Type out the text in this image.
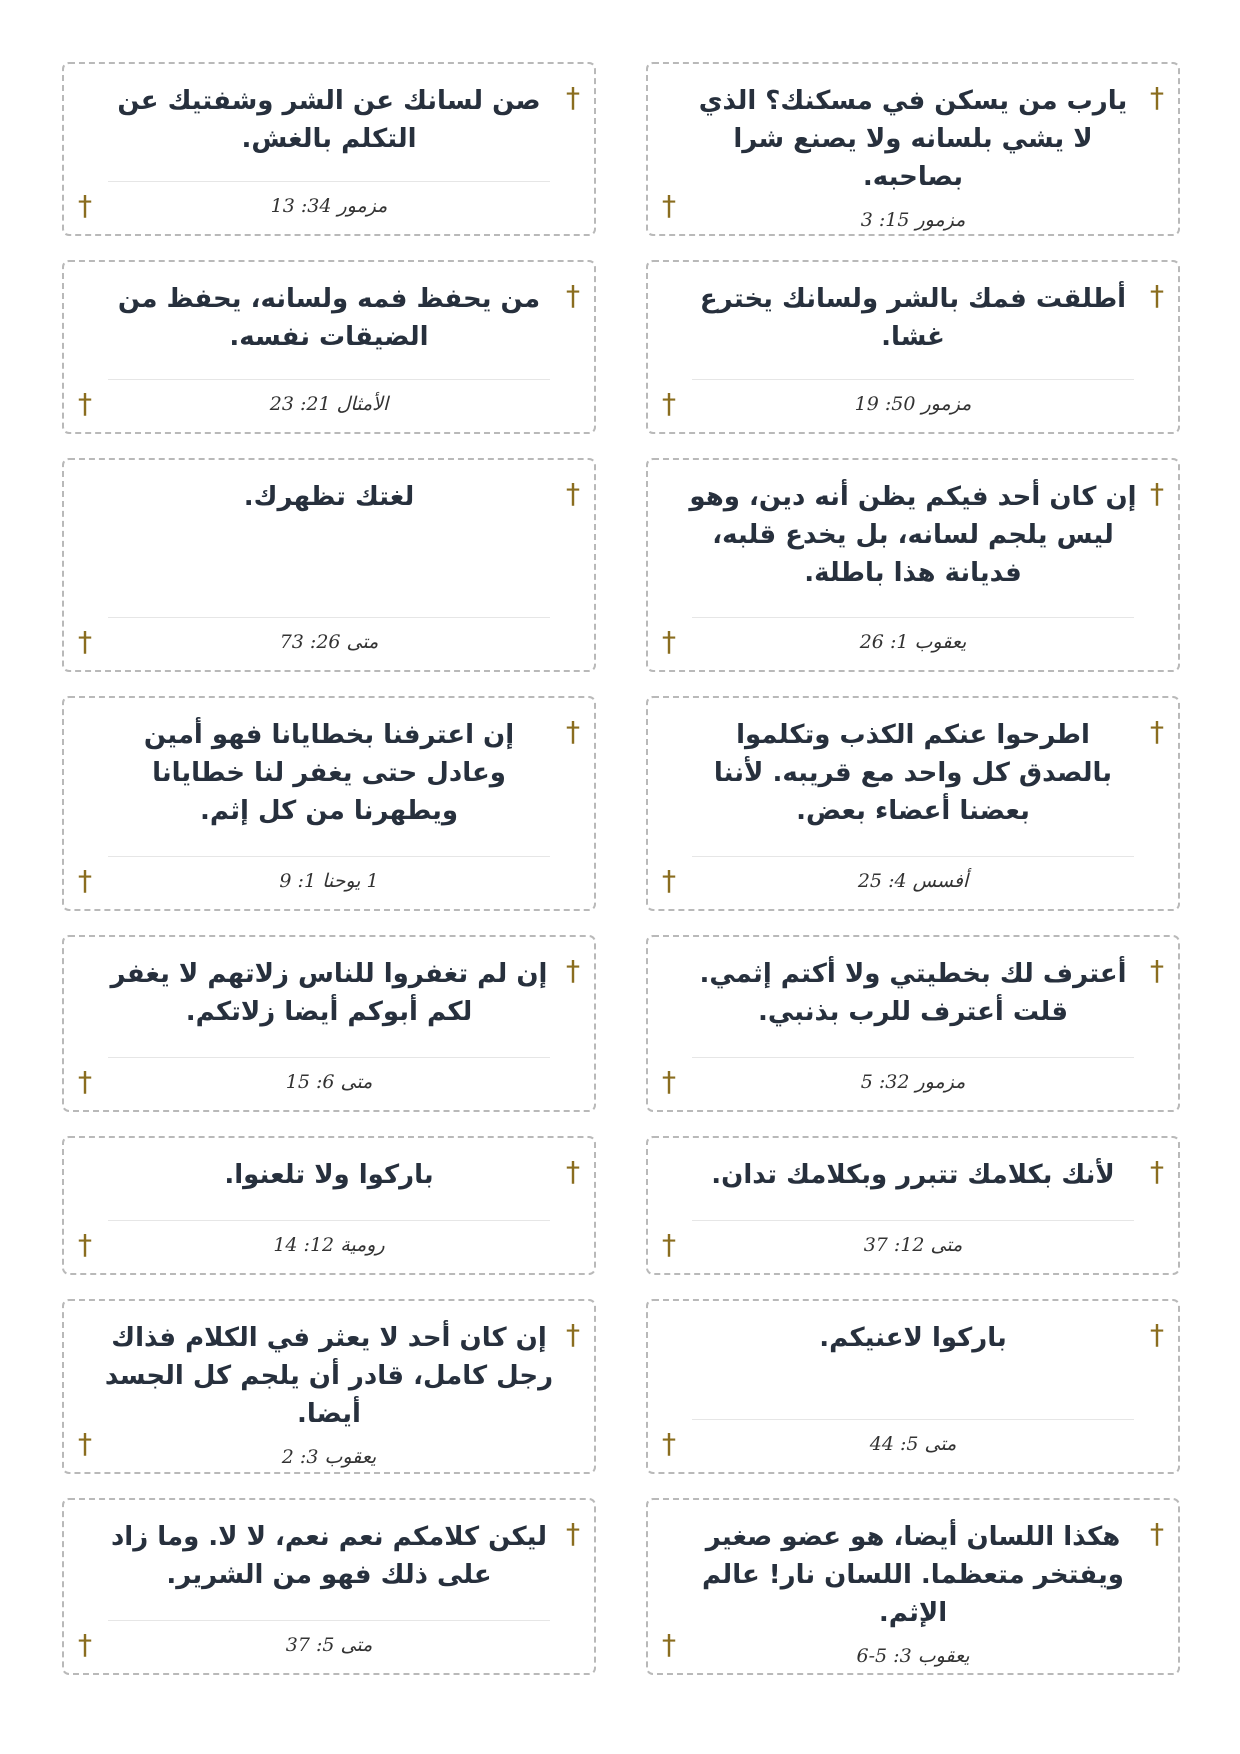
†
يارب من يسكن في مسكنك؟ الذي لا يشي بلسانه ولا يصنع شرا بصاحبه.
مزمور 15: 3
†
†
صن لسانك عن الشر وشفتيك عن التكلم بالغش.
مزمور 34: 13
†
†
أطلقت فمك بالشر ولسانك يخترع غشا.
مزمور 50: 19
†
†
من يحفظ فمه ولسانه، يحفظ من الضيقات نفسه.
الأمثال 21: 23
†
†
إن كان أحد فيكم يظن أنه دين، وهو ليس يلجم لسانه، بل يخدع قلبه، فديانة هذا باطلة.
يعقوب 1: 26
†
†
لغتك تظهرك.
متى 26: 73
†
†
اطرحوا عنكم الكذب وتكلموا بالصدق كل واحد مع قريبه. لأننا بعضنا أعضاء بعض.
أفسس 4: 25
†
†
إن اعترفنا بخطايانا فهو أمين وعادل حتى يغفر لنا خطايانا ويطهرنا من كل إثم.
1 يوحنا 1: 9
†
†
أعترف لك بخطيتي ولا أكتم إثمي. قلت أعترف للرب بذنبي.
مزمور 32: 5
†
†
إن لم تغفروا للناس زلاتهم لا يغفر لكم أبوكم أيضا زلاتكم.
متى 6: 15
†
†
لأنك بكلامك تتبرر وبكلامك تدان.
متى 12: 37
†
†
باركوا ولا تلعنوا.
رومية 12: 14
†
†
باركوا لاعنيكم.
متى 5: 44
†
†
إن كان أحد لا يعثر في الكلام فذاك رجل كامل، قادر أن يلجم كل الجسد أيضا.
يعقوب 3: 2
†
†
هكذا اللسان أيضا، هو عضو صغير ويفتخر متعظما. اللسان نار! عالم الإثم.
يعقوب 3: 5-6
†
†
ليكن كلامكم نعم نعم، لا لا. وما زاد على ذلك فهو من الشرير.
متى 5: 37
†
